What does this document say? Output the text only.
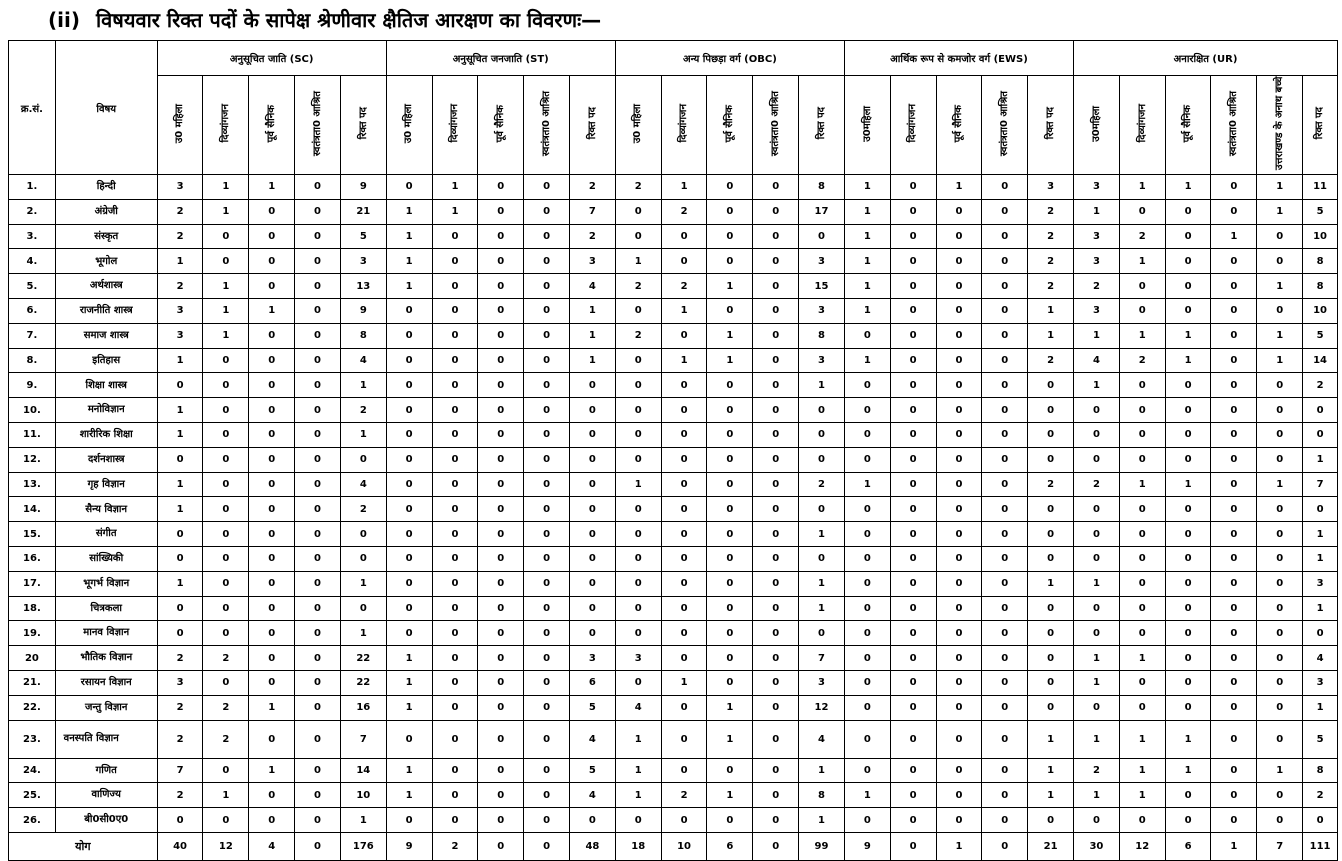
(ii) विषयवार रिक्त पदों के सापेक्ष श्रेणीवार क्षैतिज आरक्षण का विवरणः—
क्र.सं.	विषय	अनुसूचित जाति (SC)					अनुसूचित जनजाति (ST)					अन्य पिछड़ा वर्ग (OBC)					आर्थिक रूप से कमजोर वर्ग (EWS)					अनारक्षित (UR)					
		उ0 महिला	दिव्यांगजन	पूर्व सैनिक	स्वतंत्रता0 आश्रित	रिक्त पद	उ0 महिला	दिव्यांगजन	पूर्व सैनिक	स्वतंत्रता0 आश्रित	रिक्त पद	उ0 महिला	दिव्यांगजन	पूर्व सैनिक	स्वतंत्रता0 आश्रित	रिक्त पद	उ0महिला	दिव्यांगजन	पूर्व सैनिक	स्वतंत्रता0 आश्रित	रिक्त पद	उ0महिला	दिव्यांगजन	पूर्व सैनिक	स्वतंत्रता0 आश्रित	उत्तराखण्ड के अनाथ बच्चे	रिक्त पद
1.	हिन्दी	3	1	1	0	9	0	1	0	0	2	2	1	0	0	8	1	0	1	0	3	3	1	1	0	1	11
2.	अंग्रेजी	2	1	0	0	21	1	1	0	0	7	0	2	0	0	17	1	0	0	0	2	1	0	0	0	1	5
3.	संस्कृत	2	0	0	0	5	1	0	0	0	2	0	0	0	0	0	1	0	0	0	2	3	2	0	1	0	10
4.	भूगोल	1	0	0	0	3	1	0	0	0	3	1	0	0	0	3	1	0	0	0	2	3	1	0	0	0	8
5.	अर्थशास्त्र	2	1	0	0	13	1	0	0	0	4	2	2	1	0	15	1	0	0	0	2	2	0	0	0	1	8
6.	राजनीति शास्त्र	3	1	1	0	9	0	0	0	0	1	0	1	0	0	3	1	0	0	0	1	3	0	0	0	0	10
7.	समाज शास्त्र	3	1	0	0	8	0	0	0	0	1	2	0	1	0	8	0	0	0	0	1	1	1	1	0	1	5
8.	इतिहास	1	0	0	0	4	0	0	0	0	1	0	1	1	0	3	1	0	0	0	2	4	2	1	0	1	14
9.	शिक्षा शास्त्र	0	0	0	0	1	0	0	0	0	0	0	0	0	0	1	0	0	0	0	0	1	0	0	0	0	2
10.	मनोविज्ञान	1	0	0	0	2	0	0	0	0	0	0	0	0	0	0	0	0	0	0	0	0	0	0	0	0	0
11.	शारीरिक शिक्षा	1	0	0	0	1	0	0	0	0	0	0	0	0	0	0	0	0	0	0	0	0	0	0	0	0	0
12.	दर्शनशास्त्र	0	0	0	0	0	0	0	0	0	0	0	0	0	0	0	0	0	0	0	0	0	0	0	0	0	1
13.	गृह विज्ञान	1	0	0	0	4	0	0	0	0	0	1	0	0	0	2	1	0	0	0	2	2	1	1	0	1	7
14.	सैन्य विज्ञान	1	0	0	0	2	0	0	0	0	0	0	0	0	0	0	0	0	0	0	0	0	0	0	0	0	0
15.	संगीत	0	0	0	0	0	0	0	0	0	0	0	0	0	0	1	0	0	0	0	0	0	0	0	0	0	1
16.	सांख्यिकी	0	0	0	0	0	0	0	0	0	0	0	0	0	0	0	0	0	0	0	0	0	0	0	0	0	1
17.	भूगर्भ विज्ञान	1	0	0	0	1	0	0	0	0	0	0	0	0	0	1	0	0	0	0	1	1	0	0	0	0	3
18.	चित्रकला	0	0	0	0	0	0	0	0	0	0	0	0	0	0	1	0	0	0	0	0	0	0	0	0	0	1
19.	मानव विज्ञान	0	0	0	0	1	0	0	0	0	0	0	0	0	0	0	0	0	0	0	0	0	0	0	0	0	0
20	भौतिक विज्ञान	2	2	0	0	22	1	0	0	0	3	3	0	0	0	7	0	0	0	0	0	1	1	0	0	0	4
21.	रसायन विज्ञान	3	0	0	0	22	1	0	0	0	6	0	1	0	0	3	0	0	0	0	0	1	0	0	0	0	3
22.	जन्तु विज्ञान	2	2	1	0	16	1	0	0	0	5	4	0	1	0	12	0	0	0	0	0	0	0	0	0	0	1
23.	वनस्पति विज्ञान	2	2	0	0	7	0	0	0	0	4	1	0	1	0	4	0	0	0	0	1	1	1	1	0	0	5
24.	गणित	7	0	1	0	14	1	0	0	0	5	1	0	0	0	1	0	0	0	0	1	2	1	1	0	1	8
25.	वाणिज्य	2	1	0	0	10	1	0	0	0	4	1	2	1	0	8	1	0	0	0	1	1	1	0	0	0	2
26.	बी0सी0ए0	0	0	0	0	1	0	0	0	0	0	0	0	0	0	1	0	0	0	0	0	0	0	0	0	0	0
योग		40	12	4	0	176	9	2	0	0	48	18	10	6	0	99	9	0	1	0	21	30	12	6	1	7	111
